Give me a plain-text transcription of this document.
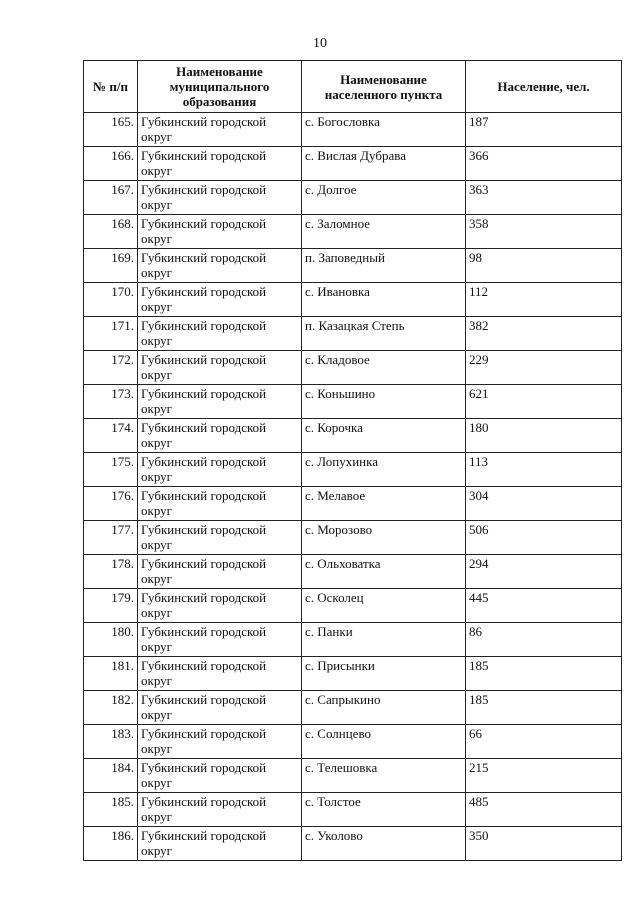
10
№ п/п	Наименование муниципального образования	Наименование населенного пункта	Население, чел.
165.	Губкинский городской округ	с. Богословка	187
166.	Губкинский городской округ	с. Вислая Дубрава	366
167.	Губкинский городской округ	с. Долгое	363
168.	Губкинский городской округ	с. Заломное	358
169.	Губкинский городской округ	п. Заповедный	98
170.	Губкинский городской округ	с. Ивановка	112
171.	Губкинский городской округ	п. Казацкая Степь	382
172.	Губкинский городской округ	с. Кладовое	229
173.	Губкинский городской округ	с. Коньшино	621
174.	Губкинский городской округ	с. Корочка	180
175.	Губкинский городской округ	с. Лопухинка	113
176.	Губкинский городской округ	с. Мелавое	304
177.	Губкинский городской округ	с. Морозово	506
178.	Губкинский городской округ	с. Ольховатка	294
179.	Губкинский городской округ	с. Осколец	445
180.	Губкинский городской округ	с. Панки	86
181.	Губкинский городской округ	с. Присынки	185
182.	Губкинский городской округ	с. Сапрыкино	185
183.	Губкинский городской округ	с. Солнцево	66
184.	Губкинский городской округ	с. Телешовка	215
185.	Губкинский городской округ	с. Толстое	485
186.	Губкинский городской округ	с. Уколово	350
